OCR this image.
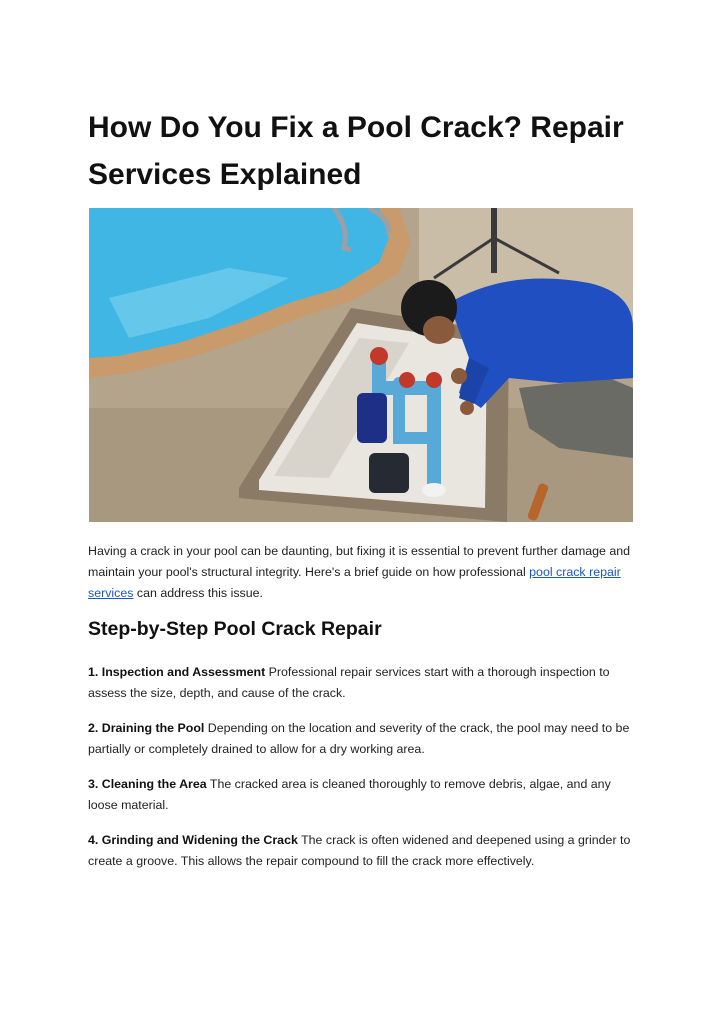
How Do You Fix a Pool Crack? Repair Services Explained

Having a crack in your pool can be daunting, but fixing it is essential to prevent further damage and maintain your pool's structural integrity. Here's a brief guide on how professional pool crack repair services can address this issue.

Step-by-Step Pool Crack Repair

1. Inspection and Assessment Professional repair services start with a thorough inspection to assess the size, depth, and cause of the crack.

2. Draining the Pool Depending on the location and severity of the crack, the pool may need to be partially or completely drained to allow for a dry working area.

3. Cleaning the Area The cracked area is cleaned thoroughly to remove debris, algae, and any loose material.

4. Grinding and Widening the Crack The crack is often widened and deepened using a grinder to create a groove. This allows the repair compound to fill the crack more effectively.
